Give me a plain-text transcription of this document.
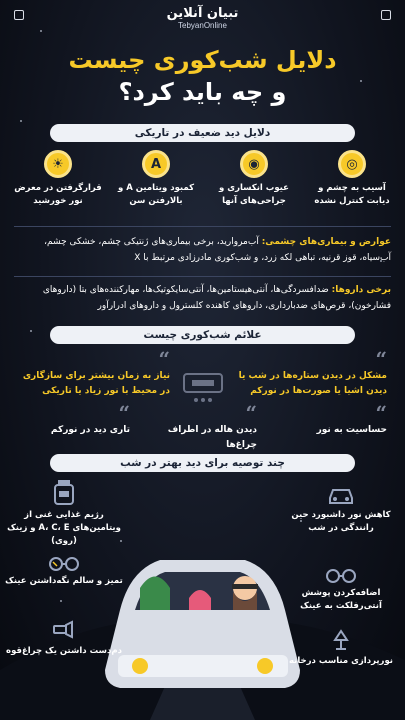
تبیان آنلاین
TebyanOnline
دلایل شب‌کوری چیست
و چه باید کرد؟
دلایل دید ضعیف در تاریکی
◎
آسیب به چشم و دیابت کنترل نشده
◉
عیوب انکساری و جراحی‌های آنها
A
کمبود ویتامین A و بالارفتن سن
☀
قرارگرفتن در معرض نور خورشید
عوارض و بیماری‌های چشمی: آب‌مروارید، برخی بیماری‌های ژنتیکی چشم، خشکی چشم، آب‌سیاه، قوز قرنیه، تباهی لکه زرد، و شب‌کوری مادرزادی مرتبط با X
برخی داروها: ضدافسردگی‌ها، آنتی‌هیستامین‌ها، آنتی‌سایکوتیک‌ها، مهارکننده‌های بتا (داروهای فشارخون)، قرص‌های ضدبارداری، داروهای کاهنده کلسترول و داروهای ادرارآور
علائم شب‌کوری چیست
“
مشکل در دیدن ستاره‌ها در شب یا دیدن اشیا یا صورت‌ها در نورکم
“
نیاز به زمان بیشتر برای سازگاری در محیط با نور زیاد یا تاریکی
“
حساسیت به نور
“
دیدن هاله در اطراف چراغ‌ها
“
تاری دید در نورکم
چند توصیه برای دید بهتر در شب
کاهش نور داشبورد حین رانندگی در شب
رژیم غذایی غنی از ویتامین‌های A، C، E و زینک (روی)
اضافه‌کردن پوشش آنتی‌رفلکت به عینک
تمیز و سالم نگه‌داشتن عینک
نورپردازی مناسب درخانه
دم‌دست داشتن یک چراغ‌قوه
